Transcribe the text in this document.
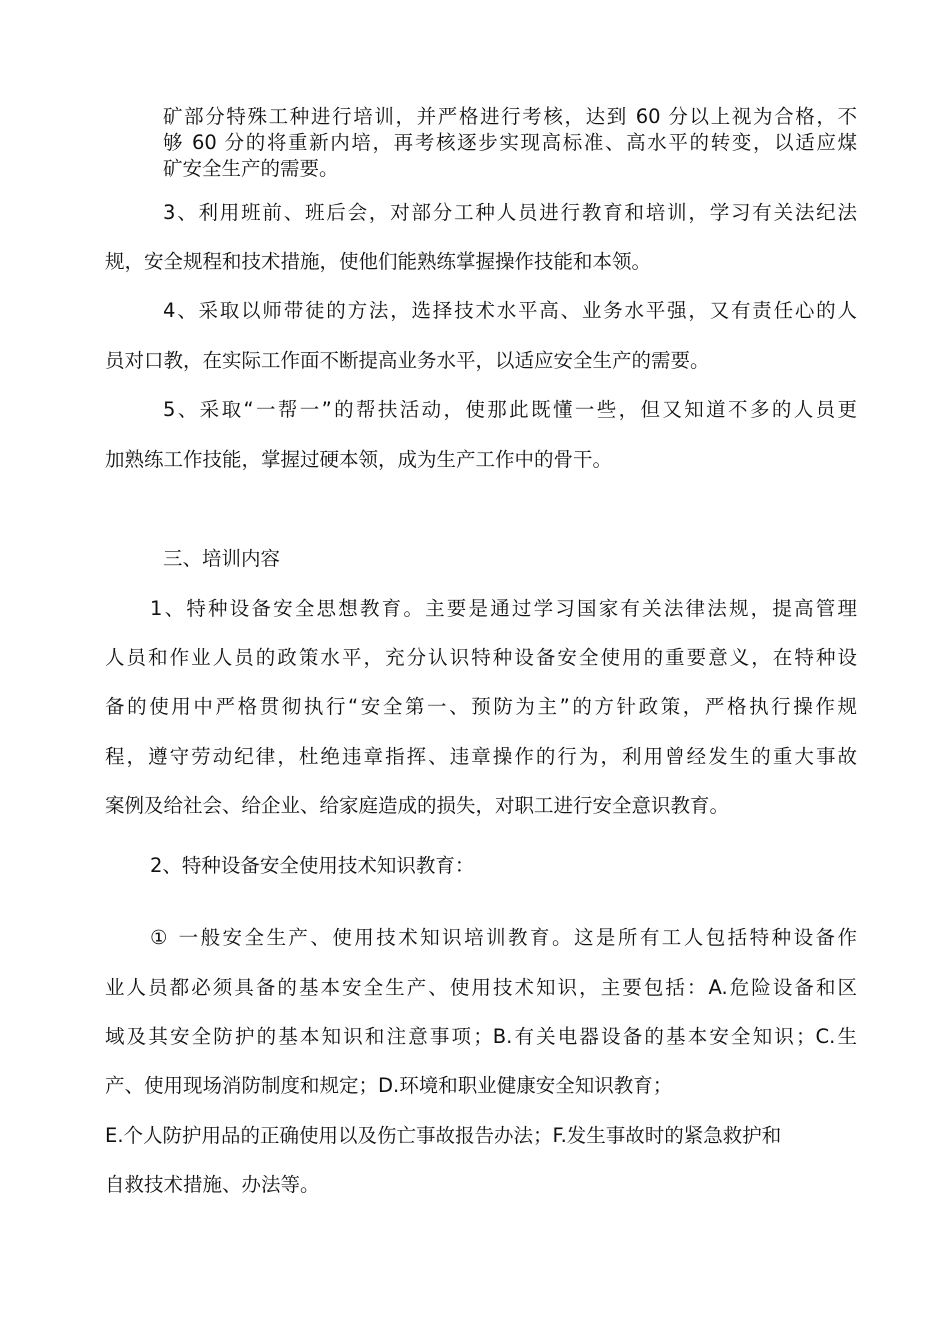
矿部分特殊工种进行培训，并严格进行考核，达到 60 分以上视为合格，不
够 60 分的将重新内培，再考核逐步实现高标准、高水平的转变，以适应煤
矿安全生产的需要。
3、利用班前、班后会，对部分工种人员进行教育和培训，学习有关法纪法
规，安全规程和技术措施，使他们能熟练掌握操作技能和本领。
4、采取以师带徒的方法，选择技术水平高、业务水平强，又有责任心的人
员对口教，在实际工作面不断提高业务水平，以适应安全生产的需要。
5、采取“一帮一”的帮扶活动，使那此既懂一些，但又知道不多的人员更
加熟练工作技能，掌握过硬本领，成为生产工作中的骨干。
三、培训内容
1、特种设备安全思想教育。主要是通过学习国家有关法律法规，提高管理
人员和作业人员的政策水平，充分认识特种设备安全使用的重要意义，在特种设
备的使用中严格贯彻执行“安全第一、预防为主”的方针政策，严格执行操作规
程，遵守劳动纪律，杜绝违章指挥、违章操作的行为，利用曾经发生的重大事故
案例及给社会、给企业、给家庭造成的损失，对职工进行安全意识教育。
2、特种设备安全使用技术知识教育：
① 一般安全生产、使用技术知识培训教育。这是所有工人包括特种设备作
业人员都必须具备的基本安全生产、使用技术知识，主要包括：A.危险设备和区
域及其安全防护的基本知识和注意事项；B.有关电器设备的基本安全知识；C.生
产、使用现场消防制度和规定；D.环境和职业健康安全知识教育；
E.个人防护用品的正确使用以及伤亡事故报告办法；F.发生事故时的紧急救护和
自救技术措施、办法等。
